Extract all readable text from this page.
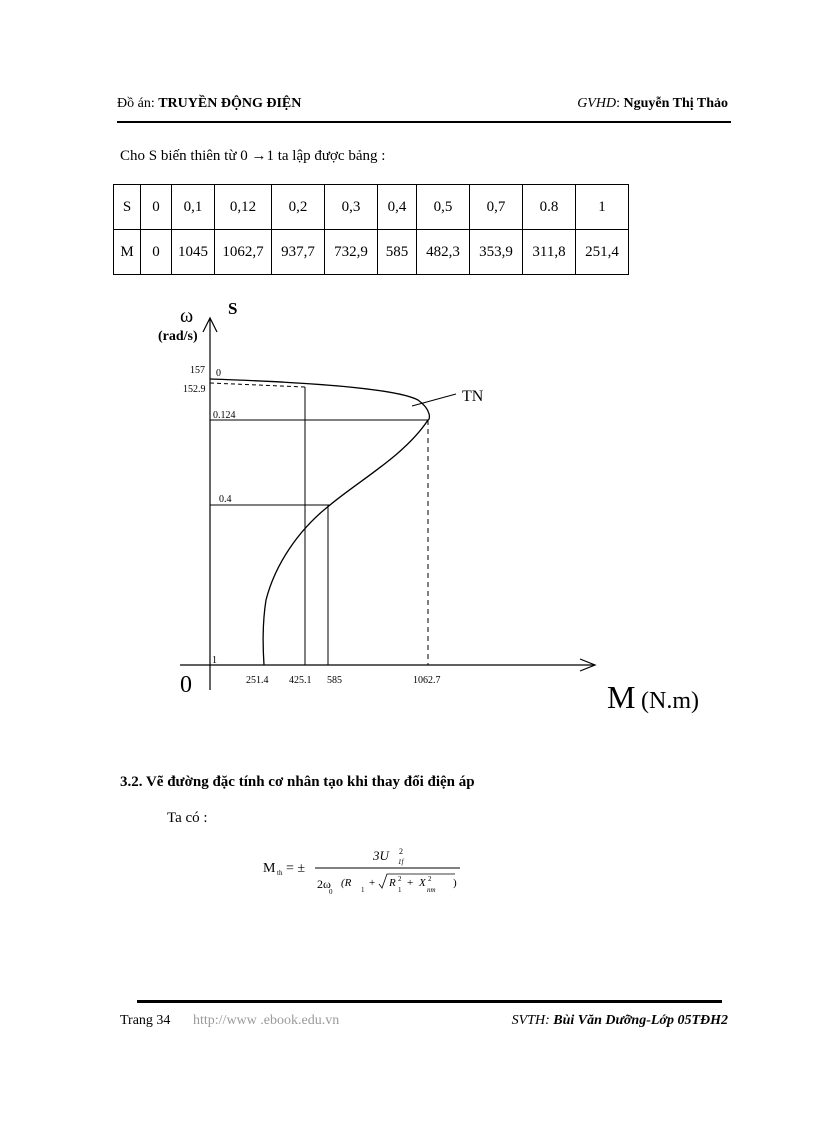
Đồ án: TRUYỀN ĐỘNG ĐIỆN	GVHD: Nguyễn Thị Thảo
Cho S biến thiên từ 0 →1 ta lập được bảng :
S	0	0,1	0,12	0,2	0,3	0,4	0,5	0,7	0.8	1
M	0	1045	1062,7	937,7	732,9	585	482,3	353,9	311,8	251,4
ω
(rad/s)
S
0	M (N.m)
TN
157
152.9
0
0.124
0.4
1
251.4 425.1 585	1062.7
3.2. Vẽ đường đặc tính cơ nhân tạo khi thay đổi điện áp
Ta có :
M th = ±
3U 2
1f
2ω
0
(R
1
+ R 2
1
+ X 2
nm
)
Trang 34 http://www .ebook.edu.vn	SVTH: Bùi Văn Dưỡng-Lớp 05TĐH2
